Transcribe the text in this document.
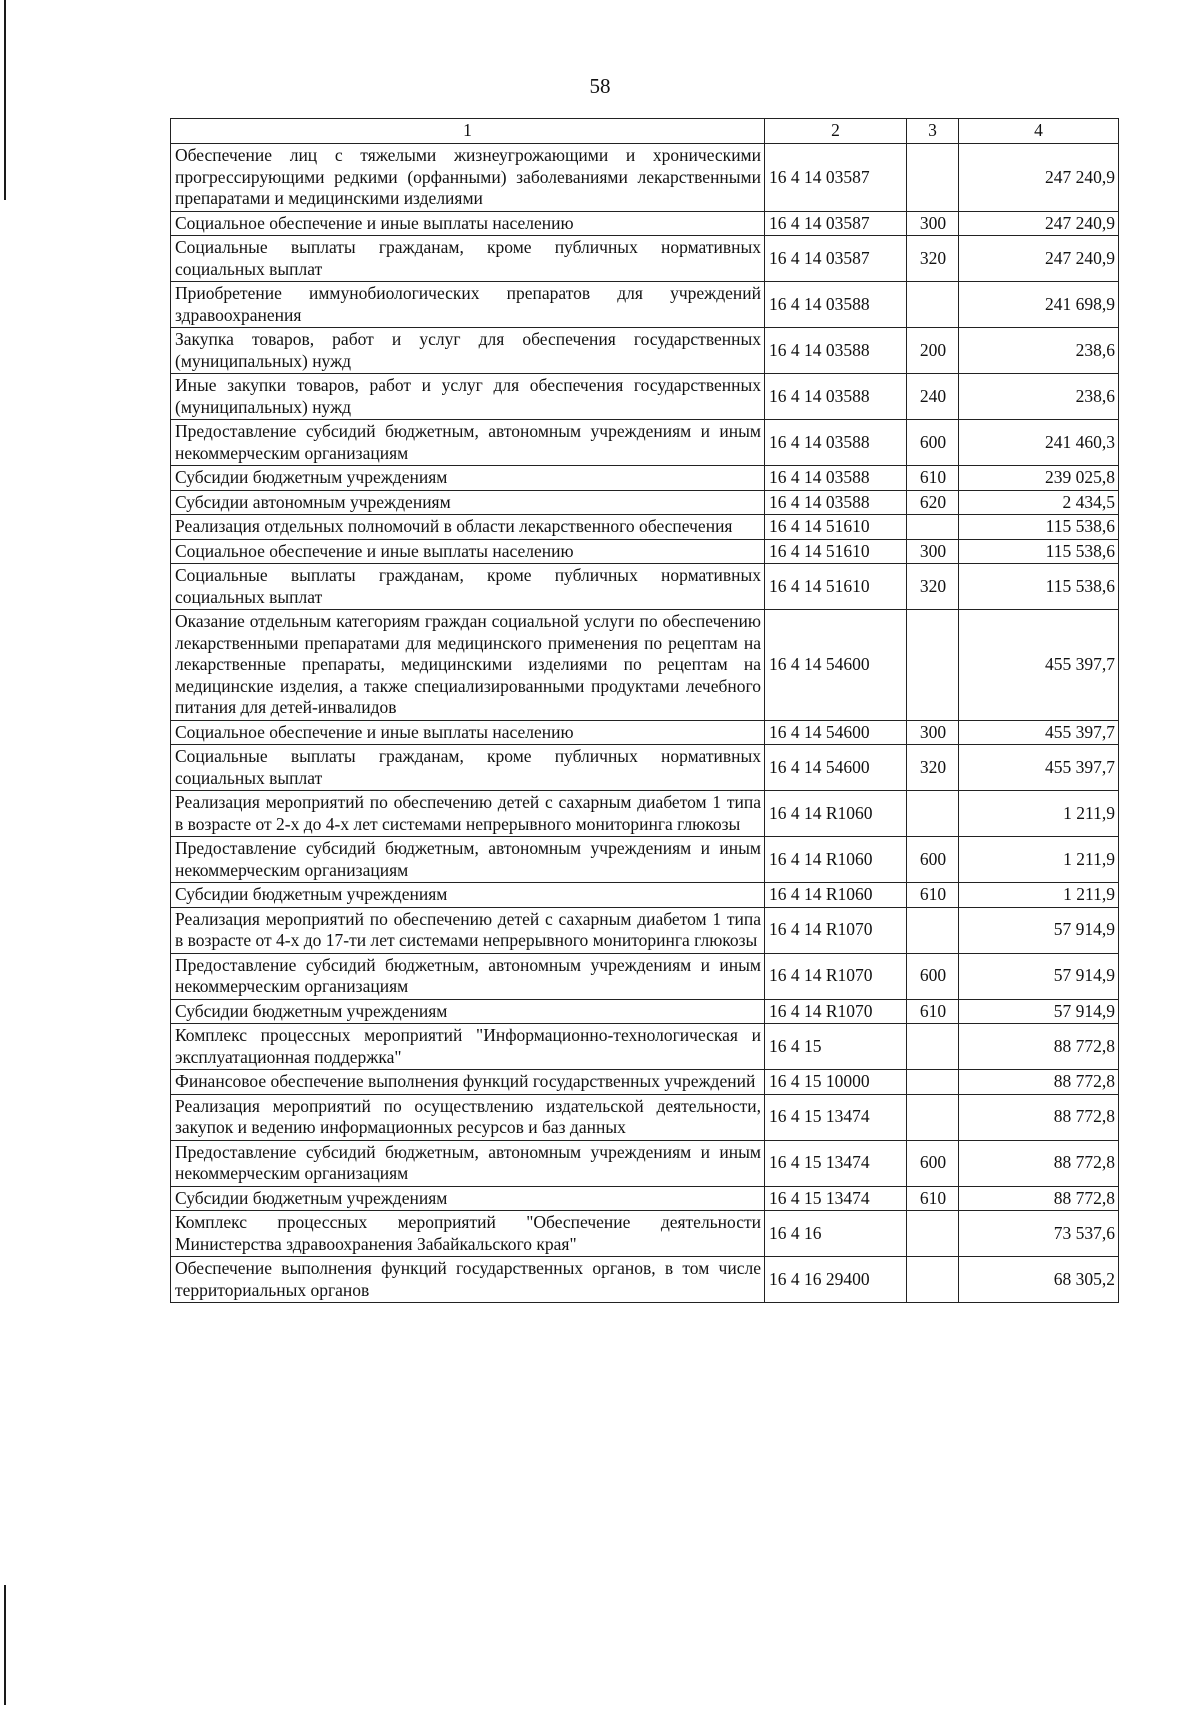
58
1	2	3	4
Обеспечение лиц с тяжелыми жизнеугрожающими и хроническими прогрессирующими редкими (орфанными) заболеваниями лекарственными препаратами и медицинскими изделиями	16 4 14 03587		247 240,9
Социальное обеспечение и иные выплаты населению	16 4 14 03587	300	247 240,9
Социальные выплаты гражданам, кроме публичных нормативных социальных выплат	16 4 14 03587	320	247 240,9
Приобретение иммунобиологических препаратов для учреждений здравоохранения	16 4 14 03588		241 698,9
Закупка товаров, работ и услуг для обеспечения государственных (муниципальных) нужд	16 4 14 03588	200	238,6
Иные закупки товаров, работ и услуг для обеспечения государственных (муниципальных) нужд	16 4 14 03588	240	238,6
Предоставление субсидий бюджетным, автономным учреждениям и иным некоммерческим организациям	16 4 14 03588	600	241 460,3
Субсидии бюджетным учреждениям	16 4 14 03588	610	239 025,8
Субсидии автономным учреждениям	16 4 14 03588	620	2 434,5
Реализация отдельных полномочий в области лекарственного обеспечения	16 4 14 51610		115 538,6
Социальное обеспечение и иные выплаты населению	16 4 14 51610	300	115 538,6
Социальные выплаты гражданам, кроме публичных нормативных социальных выплат	16 4 14 51610	320	115 538,6
Оказание отдельным категориям граждан социальной услуги по обеспечению лекарственными препаратами для медицинского применения по рецептам на лекарственные препараты, медицинскими изделиями по рецептам на медицинские изделия, а также специализированными продуктами лечебного питания для детей-инвалидов	16 4 14 54600		455 397,7
Социальное обеспечение и иные выплаты населению	16 4 14 54600	300	455 397,7
Социальные выплаты гражданам, кроме публичных нормативных социальных выплат	16 4 14 54600	320	455 397,7
Реализация мероприятий по обеспечению детей с сахарным диабетом 1 типа в возрасте от 2-х до 4-х лет системами непрерывного мониторинга глюкозы	16 4 14 R1060		1 211,9
Предоставление субсидий бюджетным, автономным учреждениям и иным некоммерческим организациям	16 4 14 R1060	600	1 211,9
Субсидии бюджетным учреждениям	16 4 14 R1060	610	1 211,9
Реализация мероприятий по обеспечению детей с сахарным диабетом 1 типа в возрасте от 4-х до 17-ти лет системами непрерывного мониторинга глюкозы	16 4 14 R1070		57 914,9
Предоставление субсидий бюджетным, автономным учреждениям и иным некоммерческим организациям	16 4 14 R1070	600	57 914,9
Субсидии бюджетным учреждениям	16 4 14 R1070	610	57 914,9
Комплекс процессных мероприятий "Информационно-технологическая и эксплуатационная поддержка"	16 4 15		88 772,8
Финансовое обеспечение выполнения функций государственных учреждений	16 4 15 10000		88 772,8
Реализация мероприятий по осуществлению издательской деятельности, закупок и ведению информационных ресурсов и баз данных	16 4 15 13474		88 772,8
Предоставление субсидий бюджетным, автономным учреждениям и иным некоммерческим организациям	16 4 15 13474	600	88 772,8
Субсидии бюджетным учреждениям	16 4 15 13474	610	88 772,8
Комплекс процессных мероприятий "Обеспечение деятельности Министерства здравоохранения Забайкальского края"	16 4 16		73 537,6
Обеспечение выполнения функций государственных органов, в том числе территориальных органов	16 4 16 29400		68 305,2
